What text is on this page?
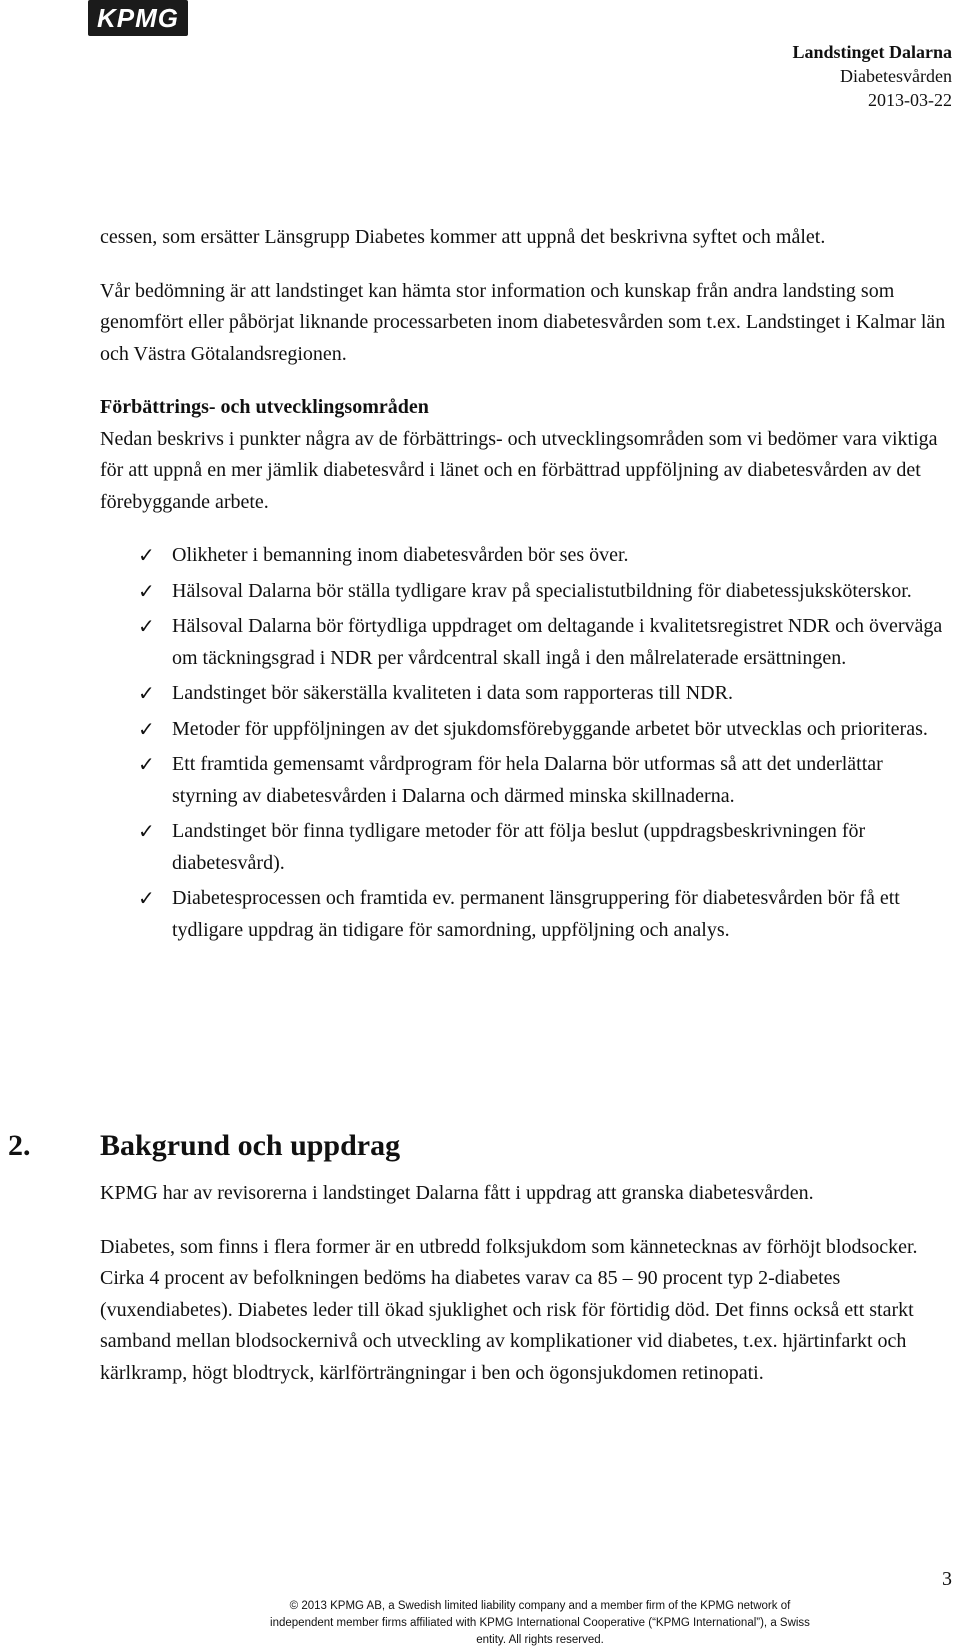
KPMG
Landstinget Dalarna
Diabetesvården
2013-03-22

cessen, som ersätter Länsgrupp Diabetes kommer att uppnå det beskrivna syftet och målet.

Vår bedömning är att landstinget kan hämta stor information och kunskap från andra landsting som genomfört eller påbörjat liknande processarbeten inom diabetesvården som t.ex. Landstinget i Kalmar län och Västra Götalandsregionen.

Förbättrings- och utvecklingsområden

Nedan beskrivs i punkter några av de förbättrings- och utvecklingsområden som vi bedömer vara viktiga för att uppnå en mer jämlik diabetesvård i länet och en förbättrad uppföljning av diabetesvården av det förebyggande arbete.

✓ Olikheter i bemanning inom diabetesvården bör ses över.
✓ Hälsoval Dalarna bör ställa tydligare krav på specialistutbildning för diabetessjuksköterskor.
✓ Hälsoval Dalarna bör förtydliga uppdraget om deltagande i kvalitetsregistret NDR och överväga om täckningsgrad i NDR per vårdcentral skall ingå i den målrelaterade ersättningen.
✓ Landstinget bör säkerställa kvaliteten i data som rapporteras till NDR.
✓ Metoder för uppföljningen av det sjukdomsförebyggande arbetet bör utvecklas och prioriteras.
✓ Ett framtida gemensamt vårdprogram för hela Dalarna bör utformas så att det underlättar styrning av diabetesvården i Dalarna och därmed minska skillnaderna.
✓ Landstinget bör finna tydligare metoder för att följa beslut (uppdragsbeskrivningen för diabetesvård).
✓ Diabetesprocessen och framtida ev. permanent länsgruppering för diabetesvården bör få ett tydligare uppdrag än tidigare för samordning, uppföljning och analys.
2. Bakgrund och uppdrag

KPMG har av revisorerna i landstinget Dalarna fått i uppdrag att granska diabetesvården.

Diabetes, som finns i flera former är en utbredd folksjukdom som kännetecknas av förhöjt blodsocker. Cirka 4 procent av befolkningen bedöms ha diabetes varav ca 85 – 90 procent typ 2-diabetes (vuxendiabetes). Diabetes leder till ökad sjuklighet och risk för förtidig död. Det finns också ett starkt samband mellan blodsockernivå och utveckling av komplikationer vid diabetes, t.ex. hjärtinfarkt och kärlkramp, högt blodtryck, kärlförträngningar i ben och ögonsjukdomen retinopati.

3
© 2013 KPMG AB, a Swedish limited liability company and a member firm of the KPMG network of independent member firms affiliated with KPMG International Cooperative (“KPMG International”), a Swiss entity. All rights reserved.
